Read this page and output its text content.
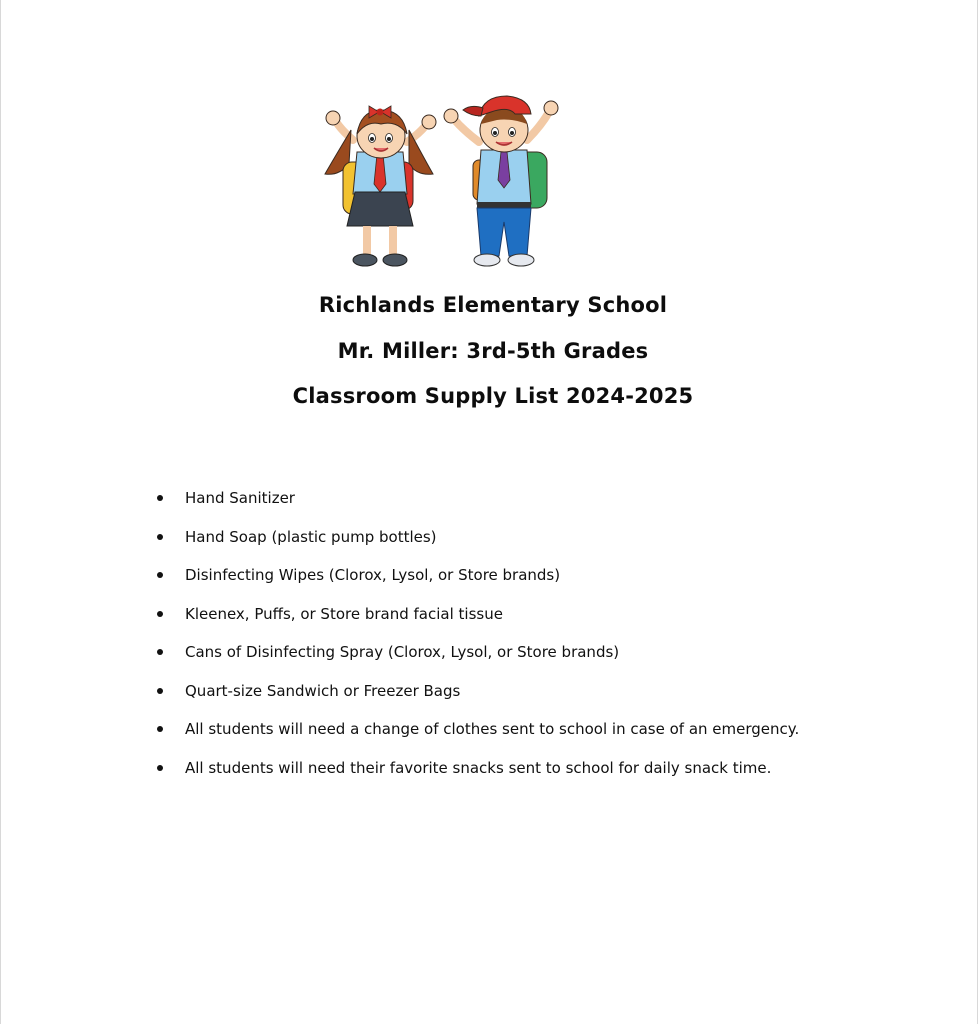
Richlands Elementary School
Mr. Miller: 3rd-5th Grades
Classroom Supply List 2024-2025
Hand Sanitizer
Hand Soap (plastic pump bottles)
Disinfecting Wipes (Clorox, Lysol, or Store brands)
Kleenex, Puffs, or Store brand facial tissue
Cans of Disinfecting Spray (Clorox, Lysol, or Store brands)
Quart-size Sandwich or Freezer Bags
All students will need a change of clothes sent to school in case of an emergency.
All students will need their favorite snacks sent to school for daily snack time.
